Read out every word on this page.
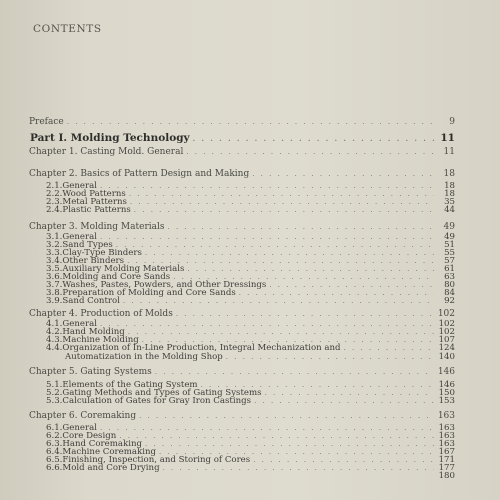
CONTENTS
Preface . . .	9
Part I. Molding Technology . . .	11
Chapter 1. Casting Mold. General . . .	11
Chapter 2. Basics of Pattern Design and Making . . .	18
2.1. General . . .	18
2.2. Wood Patterns . . .	18
2.3. Metal Patterns . . .	35
2.4. Plastic Patterns . . .	44
Chapter 3. Molding Materials . . .	49
3.1. General . . .	49
3.2. Sand Types . . .	51
3.3. Clay-Type Binders . . .	55
3.4. Other Binders . . .	57
3.5. Auxiliary Molding Materials . . .	61
3.6. Molding and Core Sands . . .	63
3.7. Washes, Pastes, Powders, and Other Dressings . . .	80
3.8. Preparation of Molding and Core Sands . . .	84
3.9. Sand Control . . .	92
Chapter 4. Production of Molds . . .	102
4.1. General . . .	102
4.2. Hand Molding . . .	102
4.3. Machine Molding . . .	107
4.4. Organization of In-Line Production, Integral Mechanization and . . .	124
Automatization in the Molding Shop . . .	140
Chapter 5. Gating Systems . . .	146
5.1. Elements of the Gating System . . .	146
5.2. Gating Methods and Types of Gating Systems . . .	150
5.3. Calculation of Gates for Gray Iron Castings . . .	153
Chapter 6. Coremaking . . .	163
6.1. General . . .	163
6.2. Core Design . . .	163
6.3. Hand Coremaking . . .	163
6.4. Machine Coremaking . . .	167
6.5. Finishing, Inspection, and Storing of Cores . . .	171
6.6. Mold and Core Drying . . .	177
180
